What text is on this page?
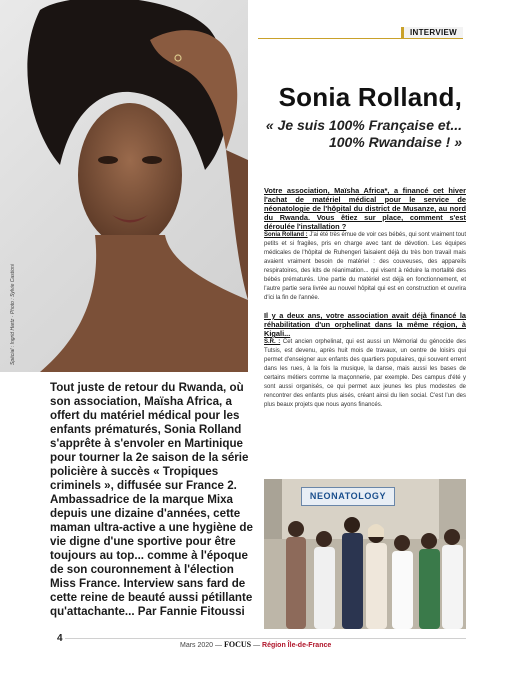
Spécial : Ingrid Hartz · Photo : Sylvie Castioni
INTERVIEW
Sonia Rolland,
« Je suis 100% Française et... 100% Rwandaise ! »

Votre association, Maïsha Africa*, a financé cet hiver l'achat de matériel médical pour le service de néonatologie de l'hôpital du district de Musanze, au nord du Rwanda. Vous êtiez sur place, comment s'est déroulée l'installation ?

Sonia Rolland : J'ai été très émue de voir ces bébés, qui sont vraiment tout petits et si fragiles, pris en charge avec tant de dévotion. Les équipes médicales de l'hôpital de Ruhengeri faisaient déjà du très bon travail mais avaient vraiment besoin de matériel : des couveuses, des appareils respiratoires, des kits de réanimation... qui visent à réduire la mortalité des bébés prématurés. Une partie du matériel est déjà en fonctionnement, et l'autre partie sera livrée au nouvel hôpital qui est en construction et ouvrira d'ici la fin de l'année.

Il y a deux ans, votre association avait déjà financé la réhabilitation d'un orphelinat dans la même région, à Kigali...

S.R. : Cet ancien orphelinat, qui est aussi un Mémorial du génocide des Tutsis, est devenu, après huit mois de travaux, un centre de loisirs qui permet d'enseigner aux enfants des quartiers populaires, qui souvent errent dans les rues, à la fois la musique, la danse, mais aussi les bases de certains métiers comme la maçonnerie, par exemple. Des campus d'été y sont aussi organisés, ce qui permet aux jeunes les plus modestes de rencontrer des enfants plus aisés, créant ainsi du lien social. C'est l'un des plus beaux projets que nous ayons financés.

NEONATOLOGY
Tout juste de retour du Rwanda, où son association, Maïsha Africa, a offert du matériel médical pour les enfants prématurés, Sonia Rolland s'apprête à s'envoler en Martinique pour tourner la 2e saison de la série policière à succès « Tropiques criminels », diffusée sur France 2. Ambassadrice de la marque Mixa depuis une dizaine d'années, cette maman ultra-active a une hygiène de vie digne d'une sportive pour être toujours au top... comme à l'époque de son couronnement à l'élection Miss France. Interview sans fard de cette reine de beauté aussi pétillante qu'attachante... Par Fannie Fitoussi
4
Mars 2020 — FOCUS — Région Île-de-France
